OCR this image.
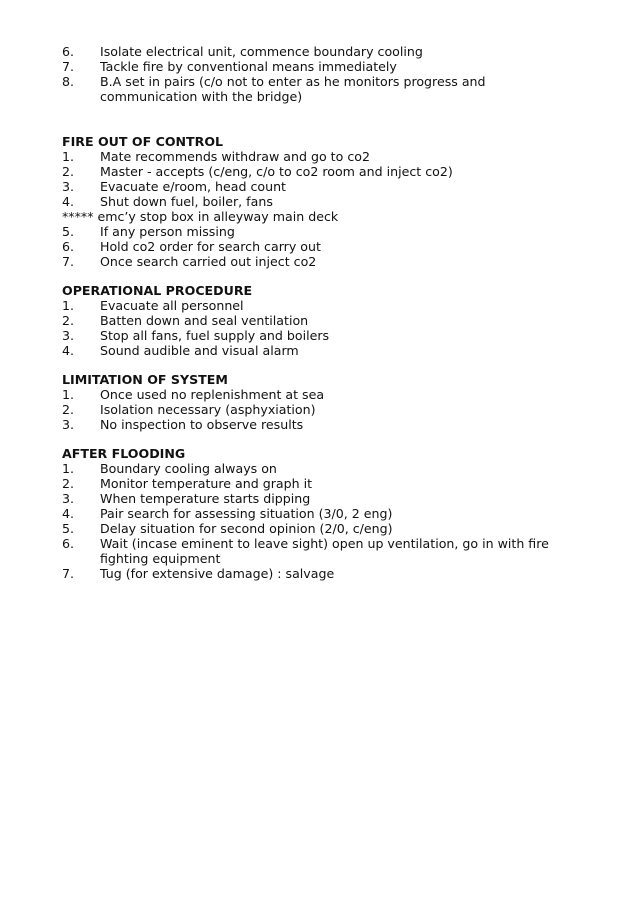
6. Isolate electrical unit, commence boundary cooling
7. Tackle fire by conventional means immediately
8. B.A set in pairs (c/o not to enter as he monitors progress and
communication with the bridge)
FIRE OUT OF CONTROL
1. Mate recommends withdraw and go to co2
2. Master - accepts (c/eng, c/o to co2 room and inject co2)
3. Evacuate e/room, head count
4. Shut down fuel, boiler, fans
***** emc’y stop box in alleyway main deck
5. If any person missing
6. Hold co2 order for search carry out
7. Once search carried out inject co2
OPERATIONAL PROCEDURE
1. Evacuate all personnel
2. Batten down and seal ventilation
3. Stop all fans, fuel supply and boilers
4. Sound audible and visual alarm
LIMITATION OF SYSTEM
1. Once used no replenishment at sea
2. Isolation necessary (asphyxiation)
3. No inspection to observe results
AFTER FLOODING
1. Boundary cooling always on
2. Monitor temperature and graph it
3. When temperature starts dipping
4. Pair search for assessing situation (3/0, 2 eng)
5. Delay situation for second opinion (2/0, c/eng)
6. Wait (incase eminent to leave sight) open up ventilation, go in with fire
fighting equipment
7. Tug (for extensive damage) : salvage
